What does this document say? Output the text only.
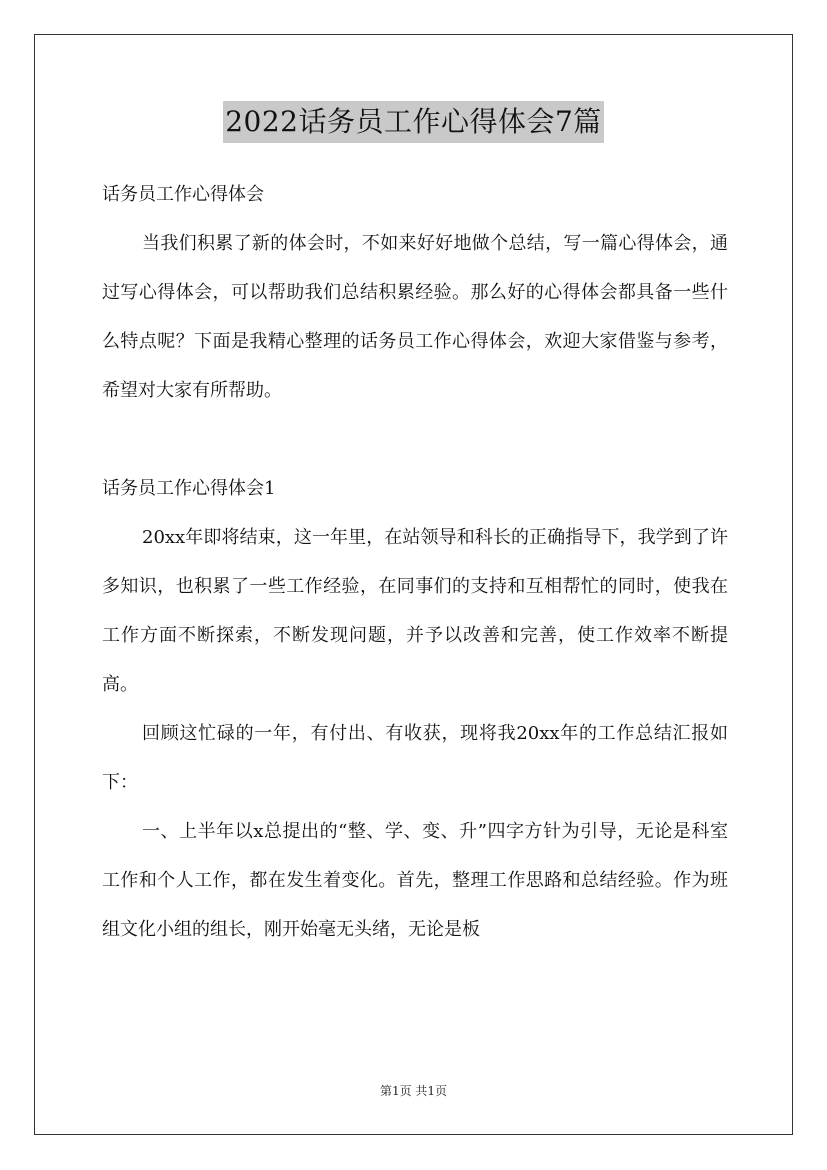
2022话务员工作心得体会7篇

话务员工作心得体会

当我们积累了新的体会时，不如来好好地做个总结，写一篇心得体会，通过写心得体会，可以帮助我们总结积累经验。那么好的心得体会都具备一些什么特点呢？下面是我精心整理的话务员工作心得体会，欢迎大家借鉴与参考，希望对大家有所帮助。

话务员工作心得体会1

20xx年即将结束，这一年里，在站领导和科长的正确指导下，我学到了许多知识，也积累了一些工作经验，在同事们的支持和互相帮忙的同时，使我在工作方面不断探索，不断发现问题，并予以改善和完善，使工作效率不断提高。

回顾这忙碌的一年，有付出、有收获，现将我20xx年的工作总结汇报如下：

一、上半年以x总提出的“整、学、变、升”四字方针为引导，无论是科室工作和个人工作，都在发生着变化。首先，整理工作思路和总结经验。作为班组文化小组的组长，刚开始毫无头绪，无论是板

第1页 共1页
